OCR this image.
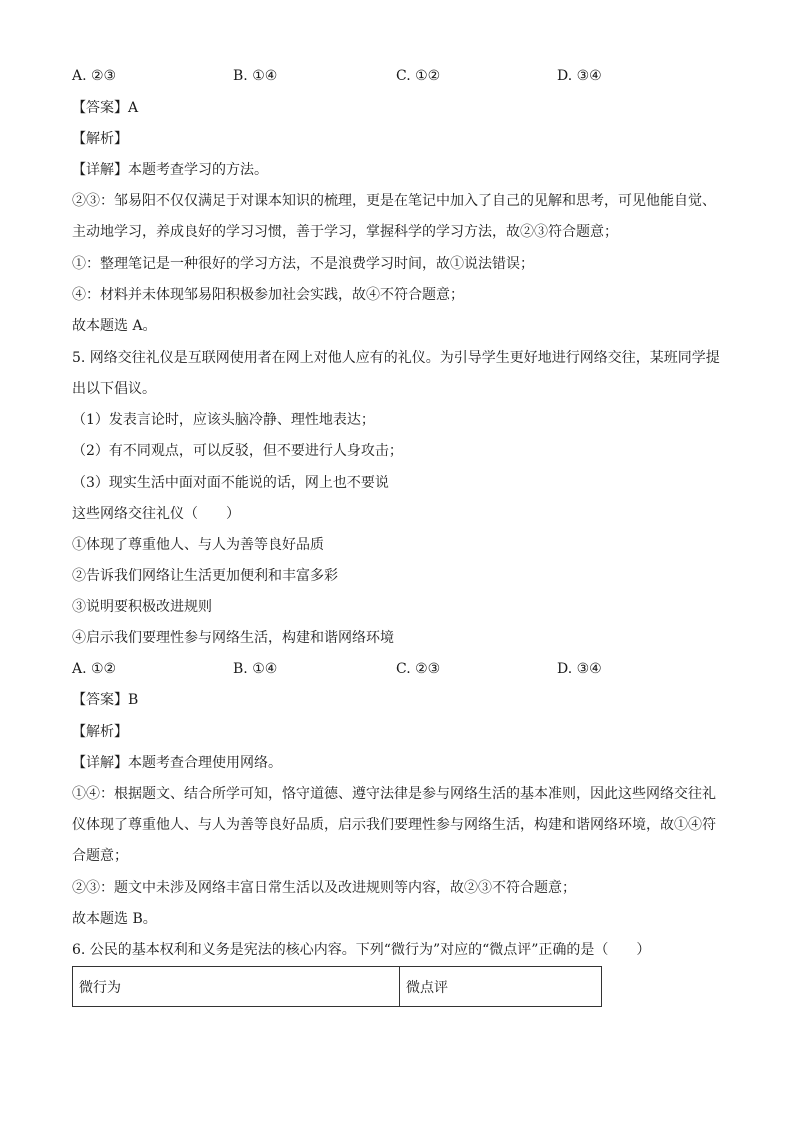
A. ②③	B. ①④	C. ①②	D. ③④
【答案】A
【解析】
【详解】本题考查学习的方法。
②③：邹易阳不仅仅满足于对课本知识的梳理，更是在笔记中加入了自己的见解和思考，可见他能自觉、
主动地学习，养成良好的学习习惯，善于学习，掌握科学的学习方法，故②③符合题意；
①：整理笔记是一种很好的学习方法，不是浪费学习时间，故①说法错误；
④：材料并未体现邹易阳积极参加社会实践，故④不符合题意；
故本题选 A。
5. 网络交往礼仪是互联网使用者在网上对他人应有的礼仪。为引导学生更好地进行网络交往，某班同学提
出以下倡议。
（1）发表言论时，应该头脑冷静、理性地表达；
（2）有不同观点，可以反驳，但不要进行人身攻击；
（3）现实生活中面对面不能说的话，网上也不要说
这些网络交往礼仪（　　）
①体现了尊重他人、与人为善等良好品质
②告诉我们网络让生活更加便利和丰富多彩
③说明要积极改进规则
④启示我们要理性参与网络生活，构建和谐网络环境
A. ①②	B. ①④	C. ②③	D. ③④
【答案】B
【解析】
【详解】本题考查合理使用网络。
①④：根据题文、结合所学可知，恪守道德、遵守法律是参与网络生活的基本准则，因此这些网络交往礼
仪体现了尊重他人、与人为善等良好品质，启示我们要理性参与网络生活，构建和谐网络环境，故①④符
合题意；
②③：题文中未涉及网络丰富日常生活以及改进规则等内容，故②③不符合题意；
故本题选 B。
6. 公民的基本权利和义务是宪法的核心内容。下列“微行为”对应的“微点评”正确的是（　　）
微行为	微点评
